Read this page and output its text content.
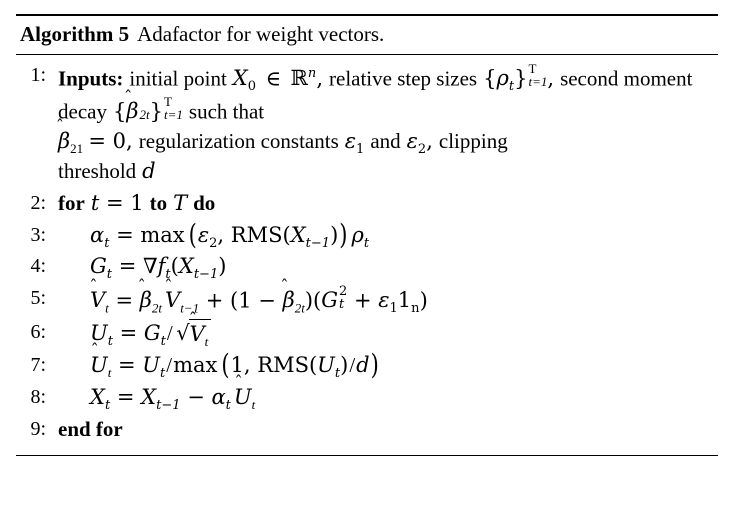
Algorithm 5 Adafactor for weight vectors.
1: Inputs: initial point $X_0$  ∈  ℝ$^n$, relative step sizes $\{\rho_t\}$ T
t=1 , second moment decay {β
2t } T
t=1 such that
β
$_{21}$ = 0, regularization constants $\varepsilon_1$ and $\varepsilon_2$, clipping
threshold d
2: for t = 1 to T do
3:	$\alpha_t = \max (\varepsilon_2$, $RMS(X_{t-1})$) $\rho_t$
4:	$G_t = \nabla f_t(X_{t-1})$
5:	V
$_t$ = β
$_{2t}$ V
$_{t-1}$ + (1 − β
$_{2t}$)(G 2
$t + \varepsilon_11_n$)
6:	$U_t = G_t/$ √V
$_t$
7:	U
$_t = U_t/\max$ (1, $RMS(U_t)/d$)
8:	$X_t = X_{t-1} - \alpha_t$ U
$_t$
9: end for
